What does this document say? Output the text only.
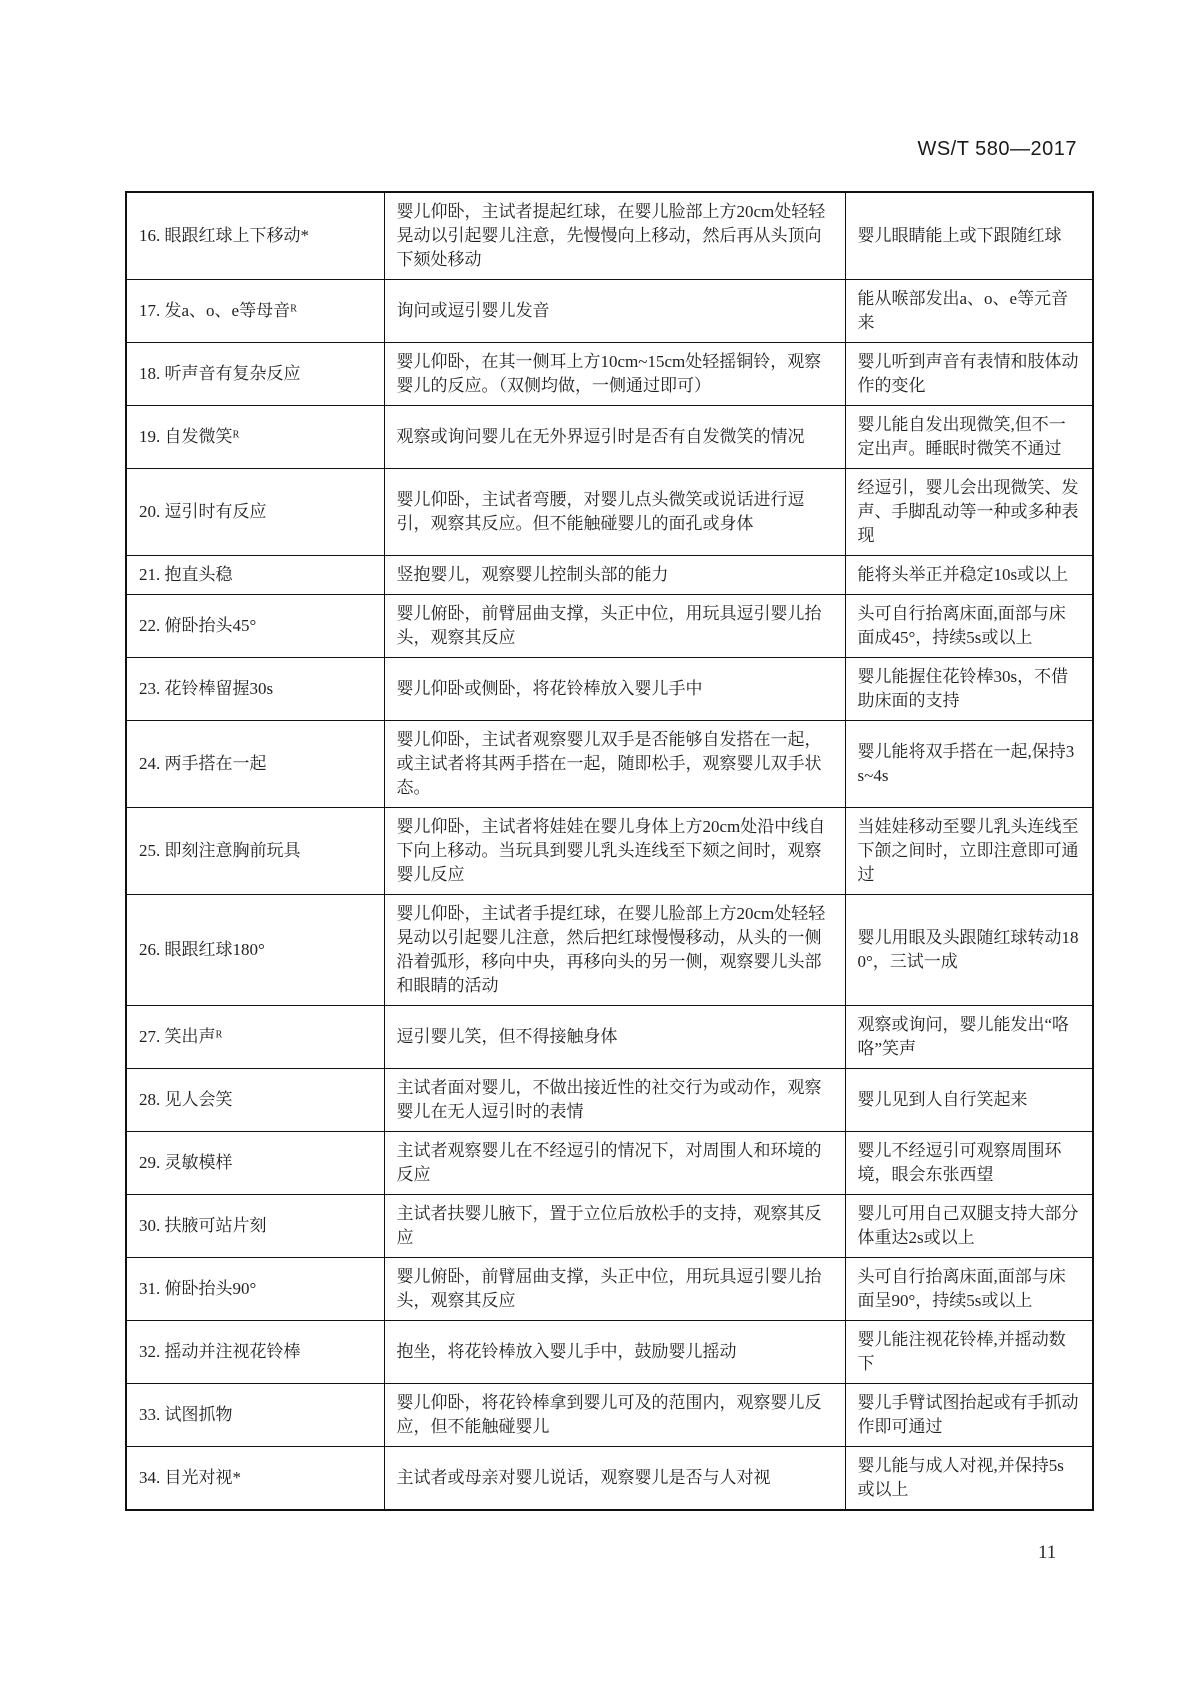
WS/T 580—2017
16. 眼跟红球上下移动*	婴儿仰卧，主试者提起红球，在婴儿脸部上方20cm处轻轻晃动以引起婴儿注意，先慢慢向上移动，然后再从头顶向下颏处移动	婴儿眼睛能上或下跟随红球
17. 发a、o、e等母音ᴿ	询问或逗引婴儿发音	能从喉部发出a、o、e等元音来
18. 听声音有复杂反应	婴儿仰卧，在其一侧耳上方10cm~15cm处轻摇铜铃，观察婴儿的反应。（双侧均做，一侧通过即可）	婴儿听到声音有表情和肢体动作的变化
19. 自发微笑ᴿ	观察或询问婴儿在无外界逗引时是否有自发微笑的情况	婴儿能自发出现微笑,但不一定出声。睡眠时微笑不通过
20. 逗引时有反应	婴儿仰卧，主试者弯腰，对婴儿点头微笑或说话进行逗引，观察其反应。但不能触碰婴儿的面孔或身体	经逗引，婴儿会出现微笑、发声、手脚乱动等一种或多种表现
21. 抱直头稳	竖抱婴儿，观察婴儿控制头部的能力	能将头举正并稳定10s或以上
22. 俯卧抬头45°	婴儿俯卧，前臂屈曲支撑，头正中位，用玩具逗引婴儿抬头，观察其反应	头可自行抬离床面,面部与床面成45°，持续5s或以上
23. 花铃棒留握30s	婴儿仰卧或侧卧，将花铃棒放入婴儿手中	婴儿能握住花铃棒30s，不借助床面的支持
24. 两手搭在一起	婴儿仰卧，主试者观察婴儿双手是否能够自发搭在一起，或主试者将其两手搭在一起，随即松手，观察婴儿双手状态。	婴儿能将双手搭在一起,保持3s~4s
25. 即刻注意胸前玩具	婴儿仰卧，主试者将娃娃在婴儿身体上方20cm处沿中线自下向上移动。当玩具到婴儿乳头连线至下颏之间时，观察婴儿反应	当娃娃移动至婴儿乳头连线至下颌之间时，立即注意即可通过
26. 眼跟红球180°	婴儿仰卧，主试者手提红球，在婴儿脸部上方20cm处轻轻晃动以引起婴儿注意，然后把红球慢慢移动，从头的一侧沿着弧形，移向中央，再移向头的另一侧，观察婴儿头部和眼睛的活动	婴儿用眼及头跟随红球转动180°，三试一成
27. 笑出声ᴿ	逗引婴儿笑，但不得接触身体	观察或询问，婴儿能发出“咯咯”笑声
28. 见人会笑	主试者面对婴儿，不做出接近性的社交行为或动作，观察婴儿在无人逗引时的表情	婴儿见到人自行笑起来
29. 灵敏模样	主试者观察婴儿在不经逗引的情况下，对周围人和环境的反应	婴儿不经逗引可观察周围环境，眼会东张西望
30. 扶腋可站片刻	主试者扶婴儿腋下，置于立位后放松手的支持，观察其反应	婴儿可用自己双腿支持大部分体重达2s或以上
31. 俯卧抬头90°	婴儿俯卧，前臂屈曲支撑，头正中位，用玩具逗引婴儿抬头，观察其反应	头可自行抬离床面,面部与床面呈90°，持续5s或以上
32. 摇动并注视花铃棒	抱坐，将花铃棒放入婴儿手中，鼓励婴儿摇动	婴儿能注视花铃棒,并摇动数下
33. 试图抓物	婴儿仰卧，将花铃棒拿到婴儿可及的范围内，观察婴儿反应，但不能触碰婴儿	婴儿手臂试图抬起或有手抓动作即可通过
34. 目光对视*	主试者或母亲对婴儿说话，观察婴儿是否与人对视	婴儿能与成人对视,并保持5s或以上
11
